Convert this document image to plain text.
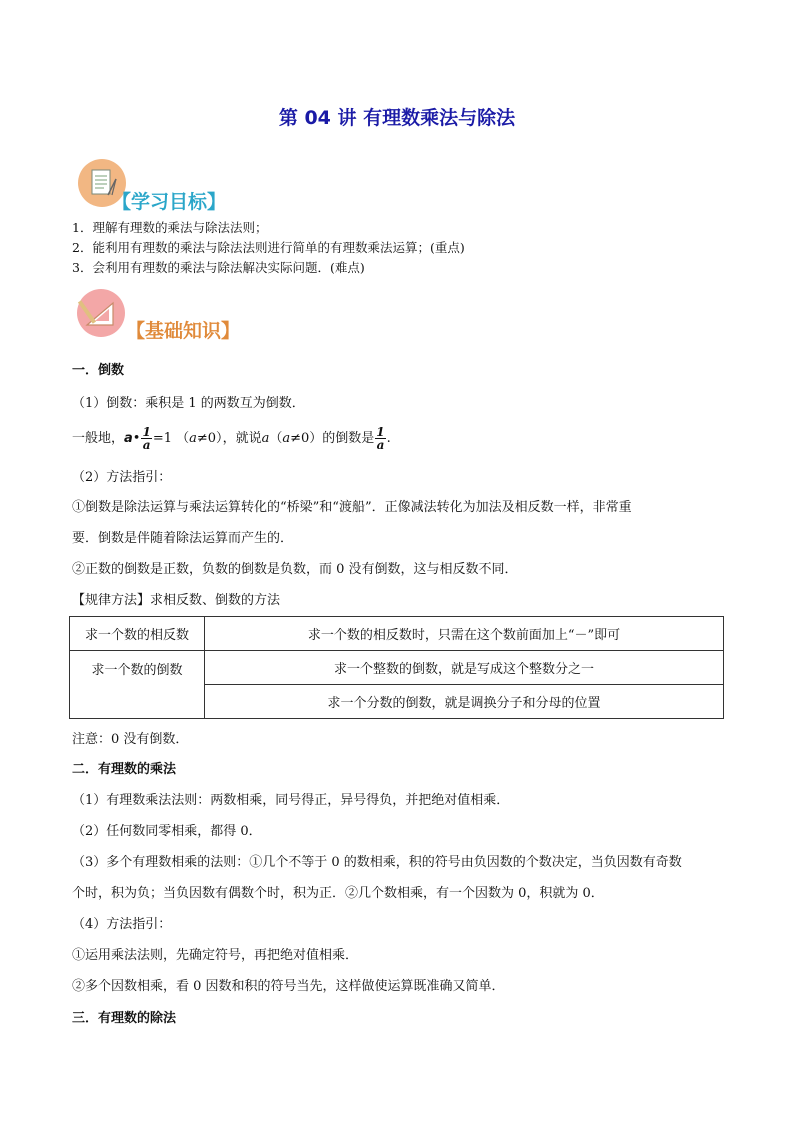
第 04 讲 有理数乘法与除法
【学习目标】
1．理解有理数的乘法与除法法则；
2．能利用有理数的乘法与除法法则进行简单的有理数乘法运算；(重点)
3．会利用有理数的乘法与除法解决实际问题．(难点)
【基础知识】
一．倒数
（1）倒数：乘积是 1 的两数互为倒数．
一般地，a• $\frac{1}{a} =1$ （a≠0），就说a（a≠0）的倒数是 $\frac{1}{a}$ .
（2）方法指引：
①倒数是除法运算与乘法运算转化的“桥梁”和“渡船”．正像减法转化为加法及相反数一样，非常重
要．倒数是伴随着除法运算而产生的．
②正数的倒数是正数，负数的倒数是负数，而 0 没有倒数，这与相反数不同．
【规律方法】求相反数、倒数的方法
求一个数的相反数	求一个数的相反数时，只需在这个数前面加上“－”即可
求一个数的倒数	求一个整数的倒数，就是写成这个整数分之一
	求一个分数的倒数，就是调换分子和分母的位置
注意：0 没有倒数．
二．有理数的乘法
（1）有理数乘法法则：两数相乘，同号得正，异号得负，并把绝对值相乘．
（2）任何数同零相乘，都得 0．
（3）多个有理数相乘的法则：①几个不等于 0 的数相乘，积的符号由负因数的个数决定，当负因数有奇数
个时，积为负；当负因数有偶数个时，积为正．②几个数相乘，有一个因数为 0，积就为 0．
（4）方法指引：
①运用乘法法则，先确定符号，再把绝对值相乘．
②多个因数相乘，看 0 因数和积的符号当先，这样做使运算既准确又简单．
三．有理数的除法
